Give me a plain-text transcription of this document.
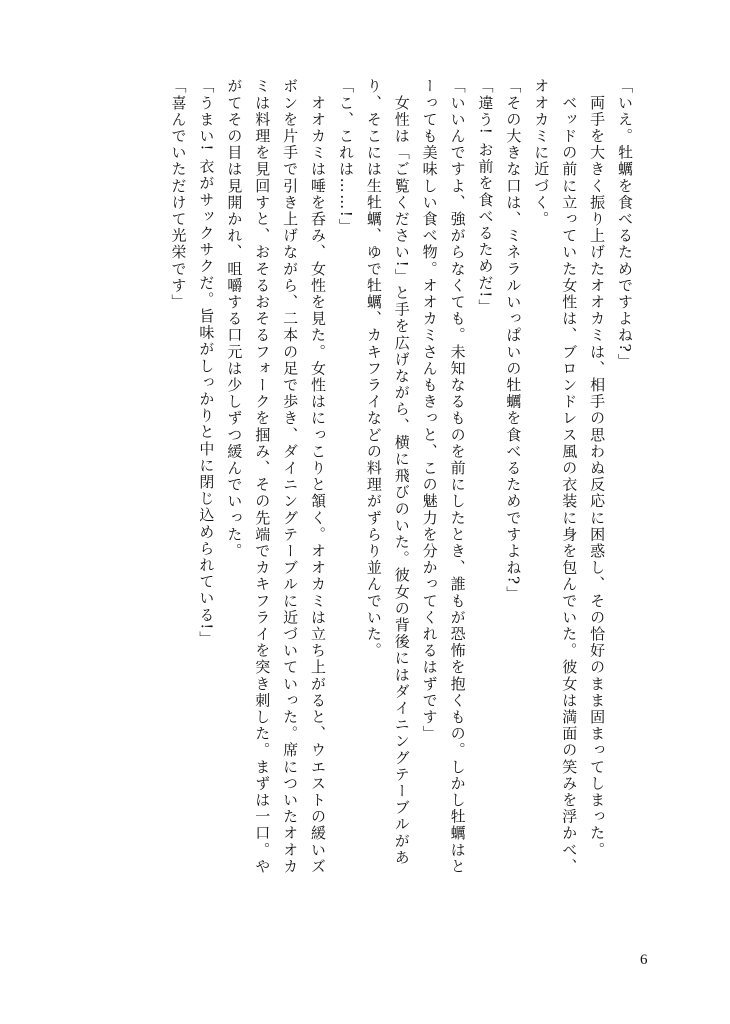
「いえ。牡蠣を食べるためですよね?」
　両手を大きく振り上げたオオカミは、相手の思わぬ反応に困惑し、その恰好のまま固まってしまった。
　ベッドの前に立っていた女性は、ブロンドレス風の衣装に身を包んでいた。彼女は満面の笑みを浮かべ、
オオカミに近づく。
「その大きな口は、ミネラルいっぱいの牡蠣を食べるためですよね?」
「違う! お前を食べるためだ!」
「いいんですよ、強がらなくても。未知なるものを前にしたとき、誰もが恐怖を抱くもの。しかし牡蠣はと
ーっても美味しい食べ物。オオカミさんもきっと、この魅力を分かってくれるはずです」
　女性は「ご覧ください!」と手を広げながら、横に飛びのいた。彼女の背後にはダイニングテーブルがあ
り、そこには生牡蠣、ゆで牡蠣、カキフライなどの料理がずらり並んでいた。
「こ、これは……!」
　オオカミは唾を呑み、女性を見た。女性はにっこりと頷く。オオカミは立ち上がると、ウエストの緩いズ
ボンを片手で引き上げながら、二本の足で歩き、ダイニングテーブルに近づいていった。席についたオオカ
ミは料理を見回すと、おそるおそるフォークを掴み、その先端でカキフライを突き刺した。まずは一口。や
がてその目は見開かれ、咀嚼する口元は少しずつ緩んでいった。
「うまい! 衣がサックサクだ。旨味がしっかりと中に閉じ込められている!」
「喜んでいただけて光栄です」
6
